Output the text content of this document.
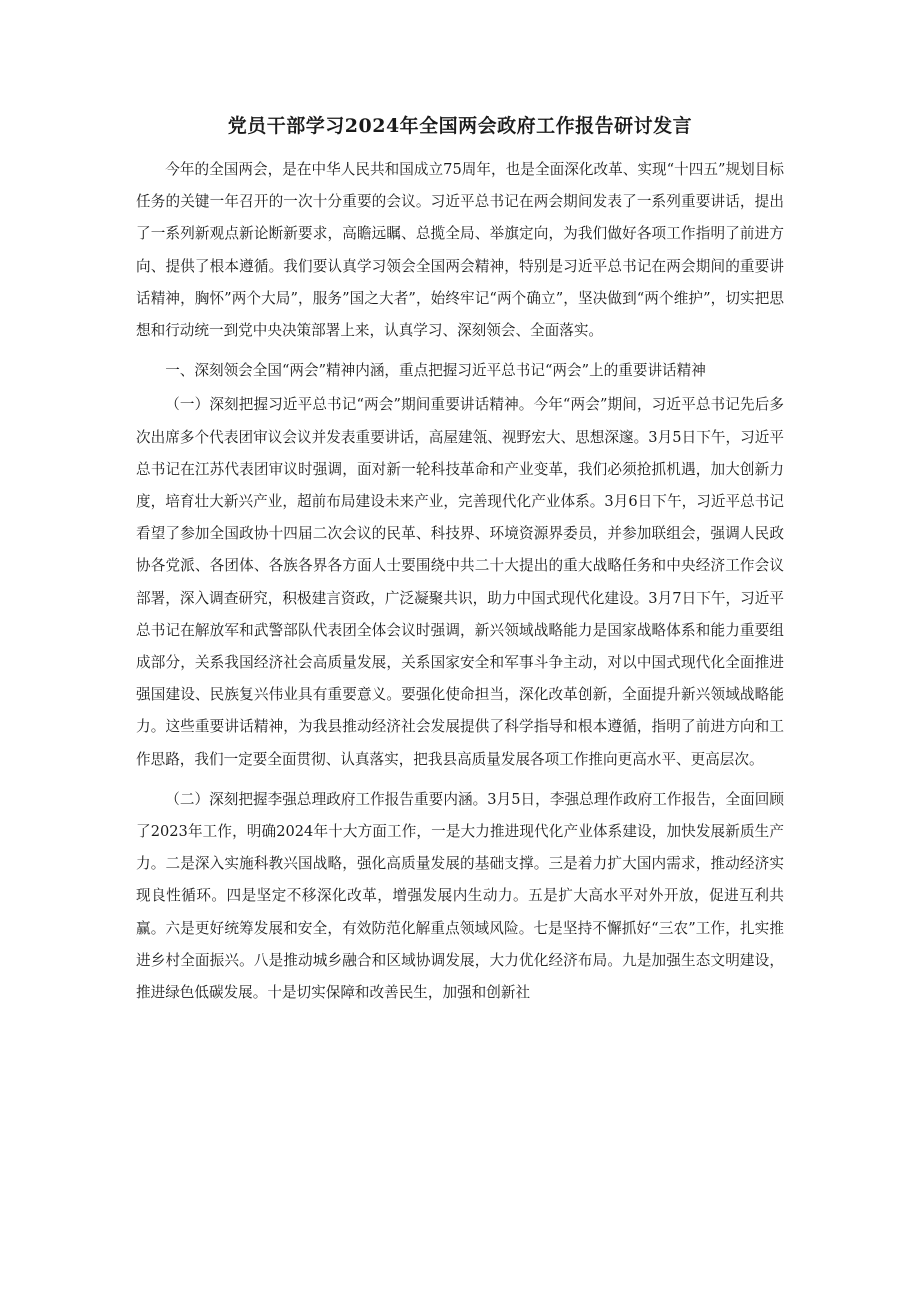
党员干部学习2024年全国两会政府工作报告研讨发言

今年的全国两会，是在中华人民共和国成立75周年，也是全面深化改革、实现“十四五”规划目标任务的关键一年召开的一次十分重要的会议。习近平总书记在两会期间发表了一系列重要讲话，提出了一系列新观点新论断新要求，高瞻远瞩、总揽全局、举旗定向，为我们做好各项工作指明了前进方向、提供了根本遵循。我们要认真学习领会全国两会精神，特别是习近平总书记在两会期间的重要讲话精神，胸怀”两个大局”，服务”国之大者”，始终牢记“两个确立”，坚决做到“两个维护”，切实把思想和行动统一到党中央决策部署上来，认真学习、深刻领会、全面落实。

一、深刻领会全国“两会”精神内涵，重点把握习近平总书记“两会”上的重要讲话精神

（一）深刻把握习近平总书记“两会”期间重要讲话精神。今年“两会”期间，习近平总书记先后多次出席多个代表团审议会议并发表重要讲话，高屋建瓴、视野宏大、思想深邃。3月5日下午，习近平总书记在江苏代表团审议时强调，面对新一轮科技革命和产业变革，我们必须抢抓机遇，加大创新力度，培育壮大新兴产业，超前布局建设未来产业，完善现代化产业体系。3月6日下午，习近平总书记看望了参加全国政协十四届二次会议的民革、科技界、环境资源界委员，并参加联组会，强调人民政协各党派、各团体、各族各界各方面人士要围绕中共二十大提出的重大战略任务和中央经济工作会议部署，深入调查研究，积极建言资政，广泛凝聚共识，助力中国式现代化建设。3月7日下午，习近平总书记在解放军和武警部队代表团全体会议时强调，新兴领域战略能力是国家战略体系和能力重要组成部分，关系我国经济社会高质量发展，关系国家安全和军事斗争主动，对以中国式现代化全面推进强国建设、民族复兴伟业具有重要意义。要强化使命担当，深化改革创新，全面提升新兴领域战略能力。这些重要讲话精神，为我县推动经济社会发展提供了科学指导和根本遵循，指明了前进方向和工作思路，我们一定要全面贯彻、认真落实，把我县高质量发展各项工作推向更高水平、更高层次。

（二）深刻把握李强总理政府工作报告重要内涵。3月5日，李强总理作政府工作报告，全面回顾了2023年工作，明确2024年十大方面工作，一是大力推进现代化产业体系建设，加快发展新质生产力。二是深入实施科教兴国战略，强化高质量发展的基础支撑。三是着力扩大国内需求，推动经济实现良性循环。四是坚定不移深化改革，增强发展内生动力。五是扩大高水平对外开放，促进互利共赢。六是更好统筹发展和安全，有效防范化解重点领域风险。七是坚持不懈抓好“三农”工作，扎实推进乡村全面振兴。八是推动城乡融合和区域协调发展，大力优化经济布局。九是加强生态文明建设，推进绿色低碳发展。十是切实保障和改善民生，加强和创新社
